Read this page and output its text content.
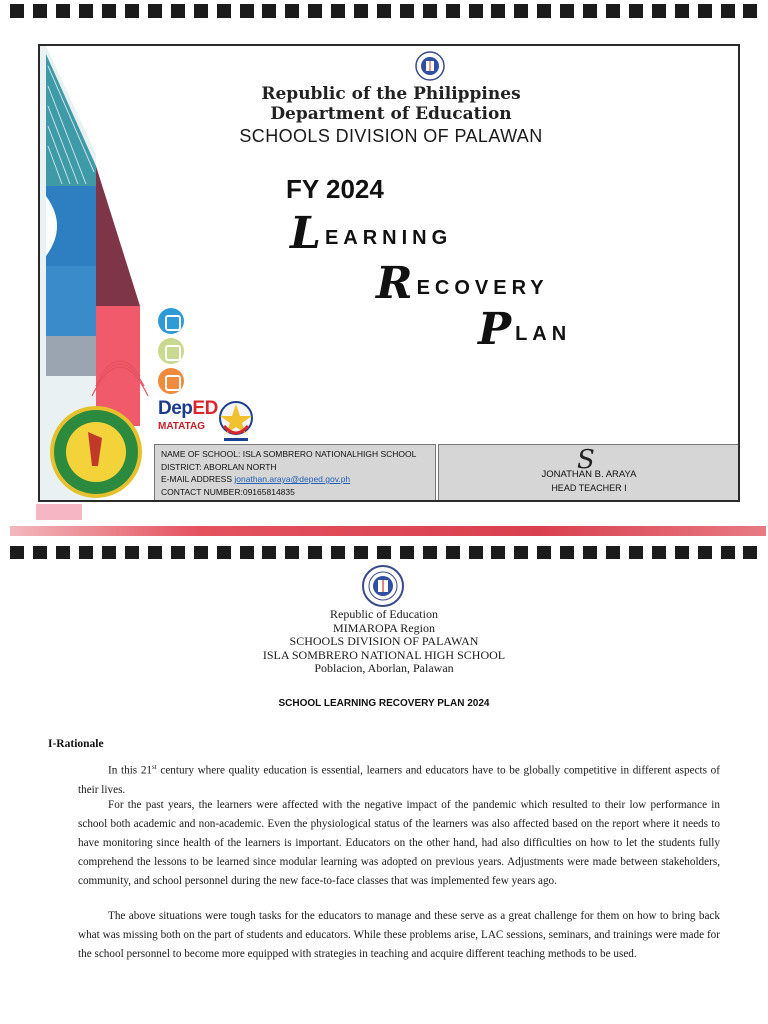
Republic of the Philippines
Department of Education
SCHOOLS DIVISION OF PALAWAN
FY 2024
L EARNING
R ECOVERY
P LAN
DepED
MATATAG
NAME OF SCHOOL: ISLA SOMBRERO NATIONALHIGH SCHOOL
DISTRICT: ABORLAN NORTH
E-MAIL ADDRESS jonathan.araya@deped.gov.ph
CONTACT NUMBER:09165814835
S
JONATHAN B. ARAYA
HEAD TEACHER I
Republic of Education
MIMAROPA Region
SCHOOLS DIVISION OF PALAWAN
ISLA SOMBRERO NATIONAL HIGH SCHOOL
Poblacion, Aborlan, Palawan
SCHOOL LEARNING RECOVERY PLAN 2024
I-Rationale

In this 21st century where quality education is essential, learners and educators have to be globally competitive in different aspects of their lives.

For the past years, the learners were affected with the negative impact of the pandemic which resulted to their low performance in school both academic and non-academic. Even the physiological status of the learners was also affected based on the report where it needs to have monitoring since health of the learners is important. Educators on the other hand, had also difficulties on how to let the students fully comprehend the lessons to be learned since modular learning was adopted on previous years. Adjustments were made between stakeholders, community, and school personnel during the new face-to-face classes that was implemented few years ago.

The above situations were tough tasks for the educators to manage and these serve as a great challenge for them on how to bring back what was missing both on the part of students and educators. While these problems arise, LAC sessions, seminars, and trainings were made for the school personnel to become more equipped with strategies in teaching and acquire different teaching methods to be used.
